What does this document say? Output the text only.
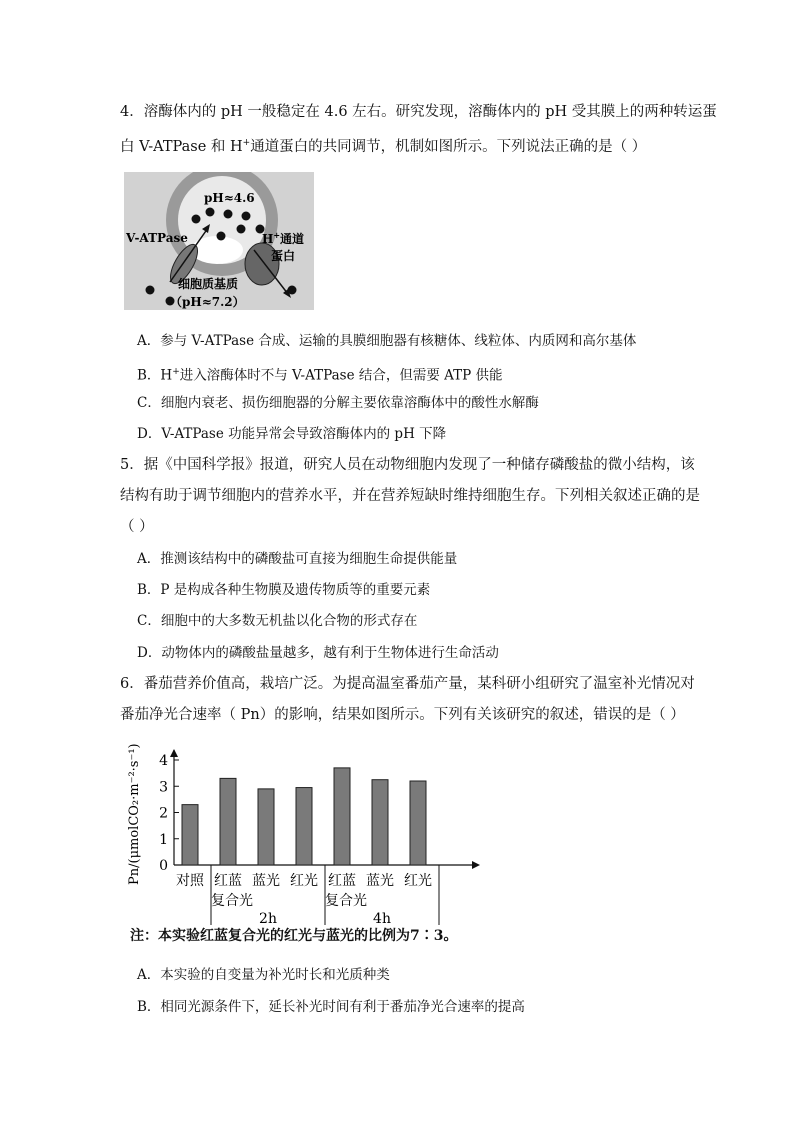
4．溶酶体内的 pH 一般稳定在 4.6 左右。研究发现，溶酶体内的 pH 受其膜上的两种转运蛋
白 V-ATPase 和 H+通道蛋白的共同调节，机制如图所示。下列说法正确的是（ ）
pH≈4.6
V-ATPase	H+通道
蛋白
细胞质基质
（pH≈7.2）
A．参与 V-ATPase 合成、运输的具膜细胞器有核糖体、线粒体、内质网和高尔基体
B．H+进入溶酶体时不与 V-ATPase 结合，但需要 ATP 供能
C．细胞内衰老、损伤细胞器的分解主要依靠溶酶体中的酸性水解酶
D．V-ATPase 功能异常会导致溶酶体内的 pH 下降
5．据《中国科学报》报道，研究人员在动物细胞内发现了一种储存磷酸盐的微小结构，该
结构有助于调节细胞内的营养水平，并在营养短缺时维持细胞生存。下列相关叙述正确的是
（ ）
A．推测该结构中的磷酸盐可直接为细胞生命提供能量
B．P 是构成各种生物膜及遗传物质等的重要元素
C．细胞中的大多数无机盐以化合物的形式存在
D．动物体内的磷酸盐量越多，越有利于生物体进行生命活动
6．番茄营养价值高，栽培广泛。为提高温室番茄产量，某科研小组研究了温室补光情况对
番茄净光合速率（ Pn）的影响，结果如图所示。下列有关该研究的叙述，错误的是（ ）
0
1
2
3
4
Pn/(μmolCO₂·m⁻²·s⁻¹) 对照 红蓝
复合光
蓝光 红光 红蓝
复合光
蓝光 红光
2h	4h
注：本实验红蓝复合光的红光与蓝光的比例为7∶3。
A．本实验的自变量为补光时长和光质种类
B．相同光源条件下，延长补光时间有利于番茄净光合速率的提高
